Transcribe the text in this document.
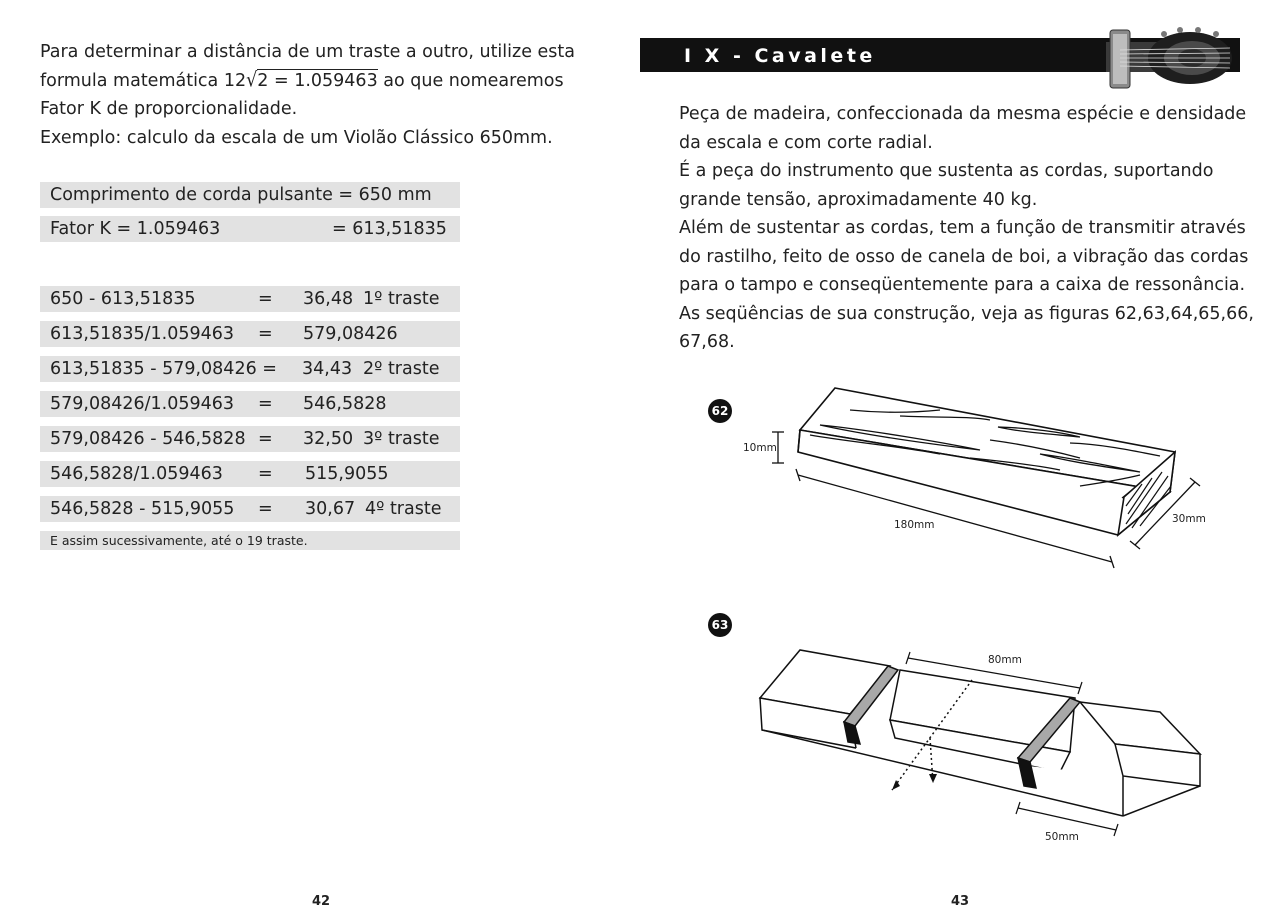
Para determinar a distância de um traste a outro, utilize esta

formula matemática 12√2 = 1.059463 ao que nomearemos

Fator K de proporcionalidade.

Exemplo: calculo da escala de um Violão Clássico 650mm.

Comprimento de corda pulsante = 650 mm
Fator K = 1.059463	= 613,51835
650 - 613,51835	= 36,48 1º traste
613,51835/1.059463 = 579,08426
613,51835 - 579,08426 = 34,43 2º traste
579,08426/1.059463 = 546,5828
579,08426 - 546,5828 = 32,50 3º traste
546,5828/1.059463 = 515,9055
546,5828 - 515,9055 = 30,67 4º traste
E assim sucessivamente, até o 19 traste.
42
I X - Cavalete

Peça de madeira, confeccionada da mesma espécie e densidade

da escala e com corte radial.

É a peça do instrumento que sustenta as cordas, suportando

grande tensão, aproximadamente 40 kg.

Além de sustentar as cordas, tem a função de transmitir através

do rastilho, feito de osso de canela de boi, a vibração das cordas

para o tampo e conseqüentemente para a caixa de ressonância.

As seqüências de sua construção, veja as figuras 62,63,64,65,66,

67,68.

62
10mm
180mm	30mm
63
80mm
50mm
43
